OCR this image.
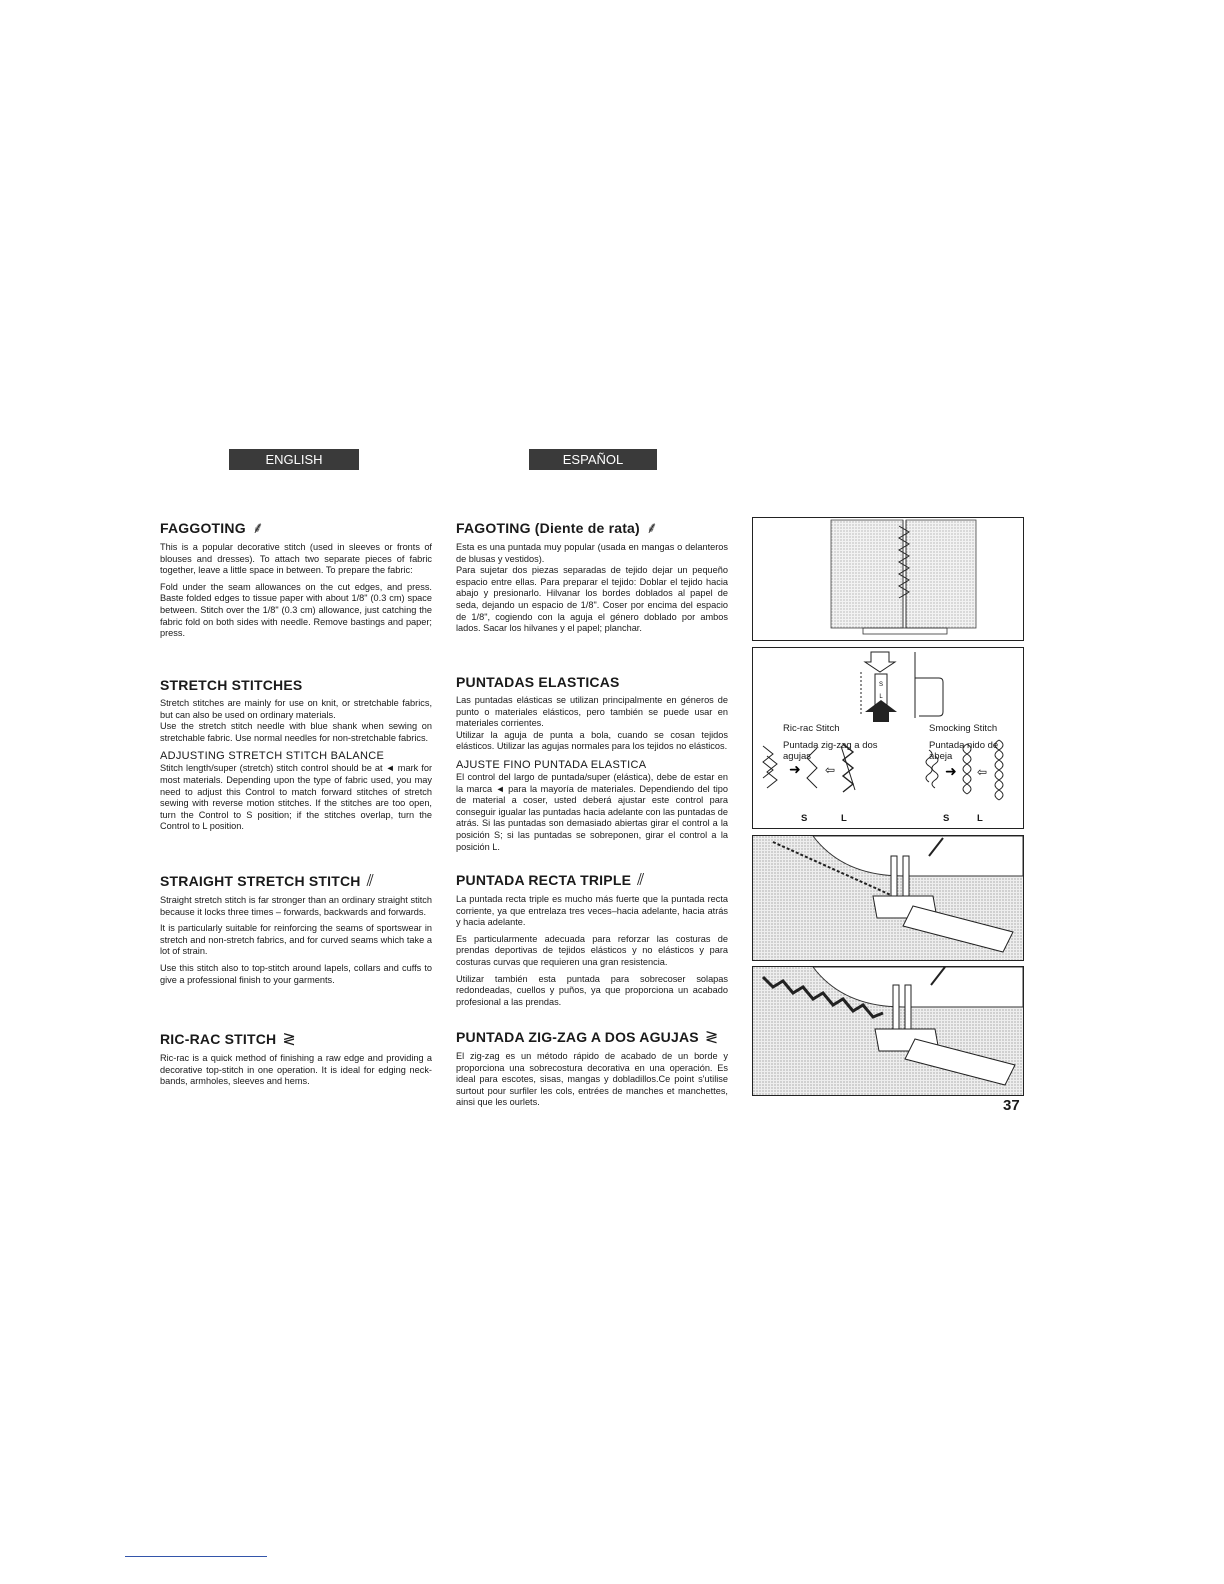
ENGLISH	ESPAÑOL
FAGGOTING ⸙

This is a popular decorative stitch (used in sleeves or fronts of blouses and dresses). To attach two separate pieces of fabric together, leave a little space in between. To prepare the fabric:

Fold under the seam allowances on the cut edges, and press. Baste folded edges to tissue paper with about 1/8" (0.3 cm) space between. Stitch over the 1/8" (0.3 cm) allowance, just catching the fabric fold on both sides with needle. Remove bastings and paper; press.

STRETCH STITCHES

Stretch stitches are mainly for use on knit, or stretchable fabrics, but can also be used on ordinary materials.

Use the stretch stitch needle with blue shank when sewing on stretchable fabric. Use normal needles for non-stretchable fabrics.

ADJUSTING STRETCH STITCH BALANCE

Stitch length/super (stretch) stitch control should be at ◄ mark for most materials. Depending upon the type of fabric used, you may need to adjust this Control to match forward stitches of stretch sewing with reverse motion stitches. If the stitches are too open, turn the Control to S position; if the stitches overlap, turn the Control to L position.

STRAIGHT STRETCH STITCH ⫽

Straight stretch stitch is far stronger than an ordinary straight stitch because it locks three times – forwards, backwards and forwards.

It is particularly suitable for reinforcing the seams of sportswear in stretch and non-stretch fabrics, and for curved seams which take a lot of strain.

Use this stitch also to top-stitch around lapels, collars and cuffs to give a professional finish to your garments.

RIC-RAC STITCH ≷

Ric-rac is a quick method of finishing a raw edge and providing a decorative top-stitch in one operation. It is ideal for edging neck-bands, armholes, sleeves and hems.

FAGOTING (Diente de rata) ⸙

Esta es una puntada muy popular (usada en mangas o delanteros de blusas y vestidos).

Para sujetar dos piezas separadas de tejido dejar un pequeño espacio entre ellas. Para preparar el tejido: Doblar el tejido hacia abajo y presionarlo. Hilvanar los bordes doblados al papel de seda, dejando un espacio de 1/8". Coser por encima del espacio de 1/8", cogiendo con la aguja el género doblado por ambos lados. Sacar los hilvanes y el papel; planchar.

PUNTADAS ELASTICAS

Las puntadas elásticas se utilizan principalmente en géneros de punto o materiales elásticos, pero también se puede usar en materiales corrientes.

Utilizar la aguja de punta a bola, cuando se cosan tejidos elásticos. Utilizar las agujas normales para los tejidos no elásticos.

AJUSTE FINO PUNTADA ELASTICA

El control del largo de puntada/super (elástica), debe de estar en la marca ◄ para la mayoría de materiales. Dependiendo del tipo de material a coser, usted deberá ajustar este control para conseguir igualar las puntadas hacia adelante con las puntadas de atrás. Si las puntadas son demasiado abiertas girar el control a la posición S; si las puntadas se sobreponen, girar el control a la posición L.

PUNTADA RECTA TRIPLE ⫽

La puntada recta triple es mucho más fuerte que la puntada recta corriente, ya que entrelaza tres veces–hacia adelante, hacia atrás y hacia adelante.

Es particularmente adecuada para reforzar las costuras de prendas deportivas de tejidos elásticos y no elásticos y para costuras curvas que requieren una gran resistencia.

Utilizar también esta puntada para sobrecoser solapas redondeadas, cuellos y puños, ya que proporciona un acabado profesional a las prendas.

PUNTADA ZIG-ZAG A DOS AGUJAS ≷

El zig-zag es un método rápido de acabado de un borde y proporciona una sobrecostura decorativa en una operación. Es ideal para escotes, sisas, mangas y dobladillos.Ce point s'utilise surtout pour surfiler les cols, entrées de manches et manchettes, ainsi que les ourlets.

S
L
➜ ⇦	➜ ⇦
Ric-rac Stitch
Puntada zig-zag a dos agujas
Smocking Stitch
Puntada nido de abeja
S	L	S	L
37
